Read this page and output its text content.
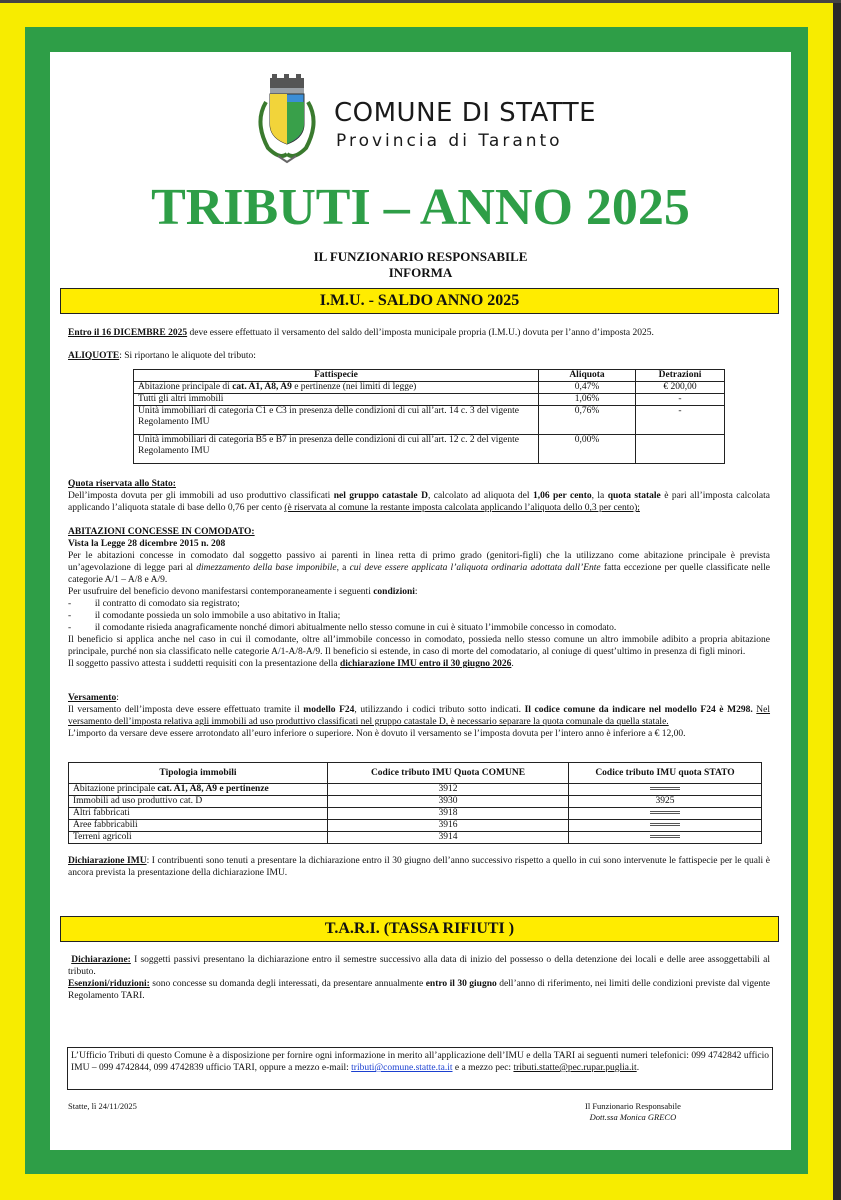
COMUNE DI STATTE
Provincia di Taranto
TRIBUTI – ANNO 2025
IL FUNZIONARIO RESPONSABILE
INFORMA
I.M.U. - SALDO ANNO 2025
Entro il 16 DICEMBRE 2025 deve essere effettuato il versamento del saldo dell’imposta municipale propria (I.M.U.) dovuta per l’anno d’imposta 2025.
ALIQUOTE: Si riportano le aliquote del tributo:
Fattispecie	Aliquota	Detrazioni
Abitazione principale di cat. A1, A8, A9 e pertinenze (nei limiti di legge)	0,47%	€ 200,00
Tutti gli altri immobili	1,06%	-
Unità immobiliari di categoria C1 e C3 in presenza delle condizioni di cui all’art. 14 c. 3 del vigente Regolamento IMU	0,76%	-
Unità immobiliari di categoria B5 e B7 in presenza delle condizioni di cui all’art. 12 c. 2 del vigente Regolamento IMU	0,00%	
Quota riservata allo Stato:
Dell’imposta dovuta per gli immobili ad uso produttivo classificati nel gruppo catastale D, calcolato ad aliquota del 1,06 per cento, la quota statale è pari all’imposta calcolata applicando l’aliquota statale di base dello 0,76 per cento (è riservata al comune la restante imposta calcolata applicando l’aliquota dello 0,3 per cento);
ABITAZIONI CONCESSE IN COMODATO:
Vista la Legge 28 dicembre 2015 n. 208
Per le abitazioni concesse in comodato dal soggetto passivo ai parenti in linea retta di primo grado (genitori-figli) che la utilizzano come abitazione principale è prevista un’agevolazione di legge pari al dimezzamento della base imponibile, a cui deve essere applicata l’aliquota ordinaria adottata dall’Ente fatta eccezione per quelle classificate nelle categorie A/1 – A/8 e A/9.
Per usufruire del beneficio devono manifestarsi contemporaneamente i seguenti condizioni:
-          il contratto di comodato sia registrato;
-          il comodante possieda un solo immobile a uso abitativo in Italia;
-          il comodante risieda anagraficamente nonché dimori abitualmente nello stesso comune in cui è situato l’immobile concesso in comodato.
Il beneficio si applica anche nel caso in cui il comodante, oltre all’immobile concesso in comodato, possieda nello stesso comune un altro immobile adibito a propria abitazione principale, purché non sia classificato nelle categorie A/1-A/8-A/9. Il beneficio si estende, in caso di morte del comodatario, al coniuge di quest’ultimo in presenza di figli minori.
Il soggetto passivo attesta i suddetti requisiti con la presentazione della dichiarazione IMU entro il 30 giugno 2026.
Versamento:
Il versamento dell’imposta deve essere effettuato tramite il modello F24, utilizzando i codici tributo sotto indicati. Il codice comune da indicare nel modello F24 è M298. Nel versamento dell’imposta relativa agli immobili ad uso produttivo classificati nel gruppo catastale D, è necessario separare la quota comunale da quella statale.
L’importo da versare deve essere arrotondato all’euro inferiore o superiore. Non è dovuto il versamento se l’imposta dovuta per l’intero anno è inferiore a € 12,00.
Tipologia immobili	Codice tributo IMU Quota COMUNE	Codice tributo IMU quota STATO
Abitazione principale cat. A1, A8, A9 e pertinenze	3912	
Immobili ad uso produttivo cat. D	3930	3925
Altri fabbricati	3918	
Aree fabbricabili	3916	
Terreni agricoli	3914	
Dichiarazione IMU: I contribuenti sono tenuti a presentare la dichiarazione entro il 30 giugno dell’anno successivo rispetto a quello in cui sono intervenute le fattispecie per le quali è ancora prevista la presentazione della dichiarazione IMU.
T.A.R.I. (TASSA RIFIUTI )
Dichiarazione: I soggetti passivi presentano la dichiarazione entro il semestre successivo alla data di inizio del possesso o della detenzione dei locali e delle aree assoggettabili al tributo.
Esenzioni/riduzioni: sono concesse su domanda degli interessati, da presentare annualmente entro il 30 giugno dell’anno di riferimento, nei limiti delle condizioni previste dal vigente Regolamento TARI.
L’Ufficio Tributi di questo Comune è a disposizione per fornire ogni informazione in merito all’applicazione dell’IMU e della TARI ai seguenti numeri telefonici: 099 4742842 ufficio IMU – 099 4742844, 099 4742839 ufficio TARI, oppure a mezzo e-mail: tributi@comune.statte.ta.it e a mezzo pec: tributi.statte@pec.rupar.puglia.it.
Statte, lì 24/11/2025	Il Funzionario Responsabile
Dott.ssa Monica GRECO
